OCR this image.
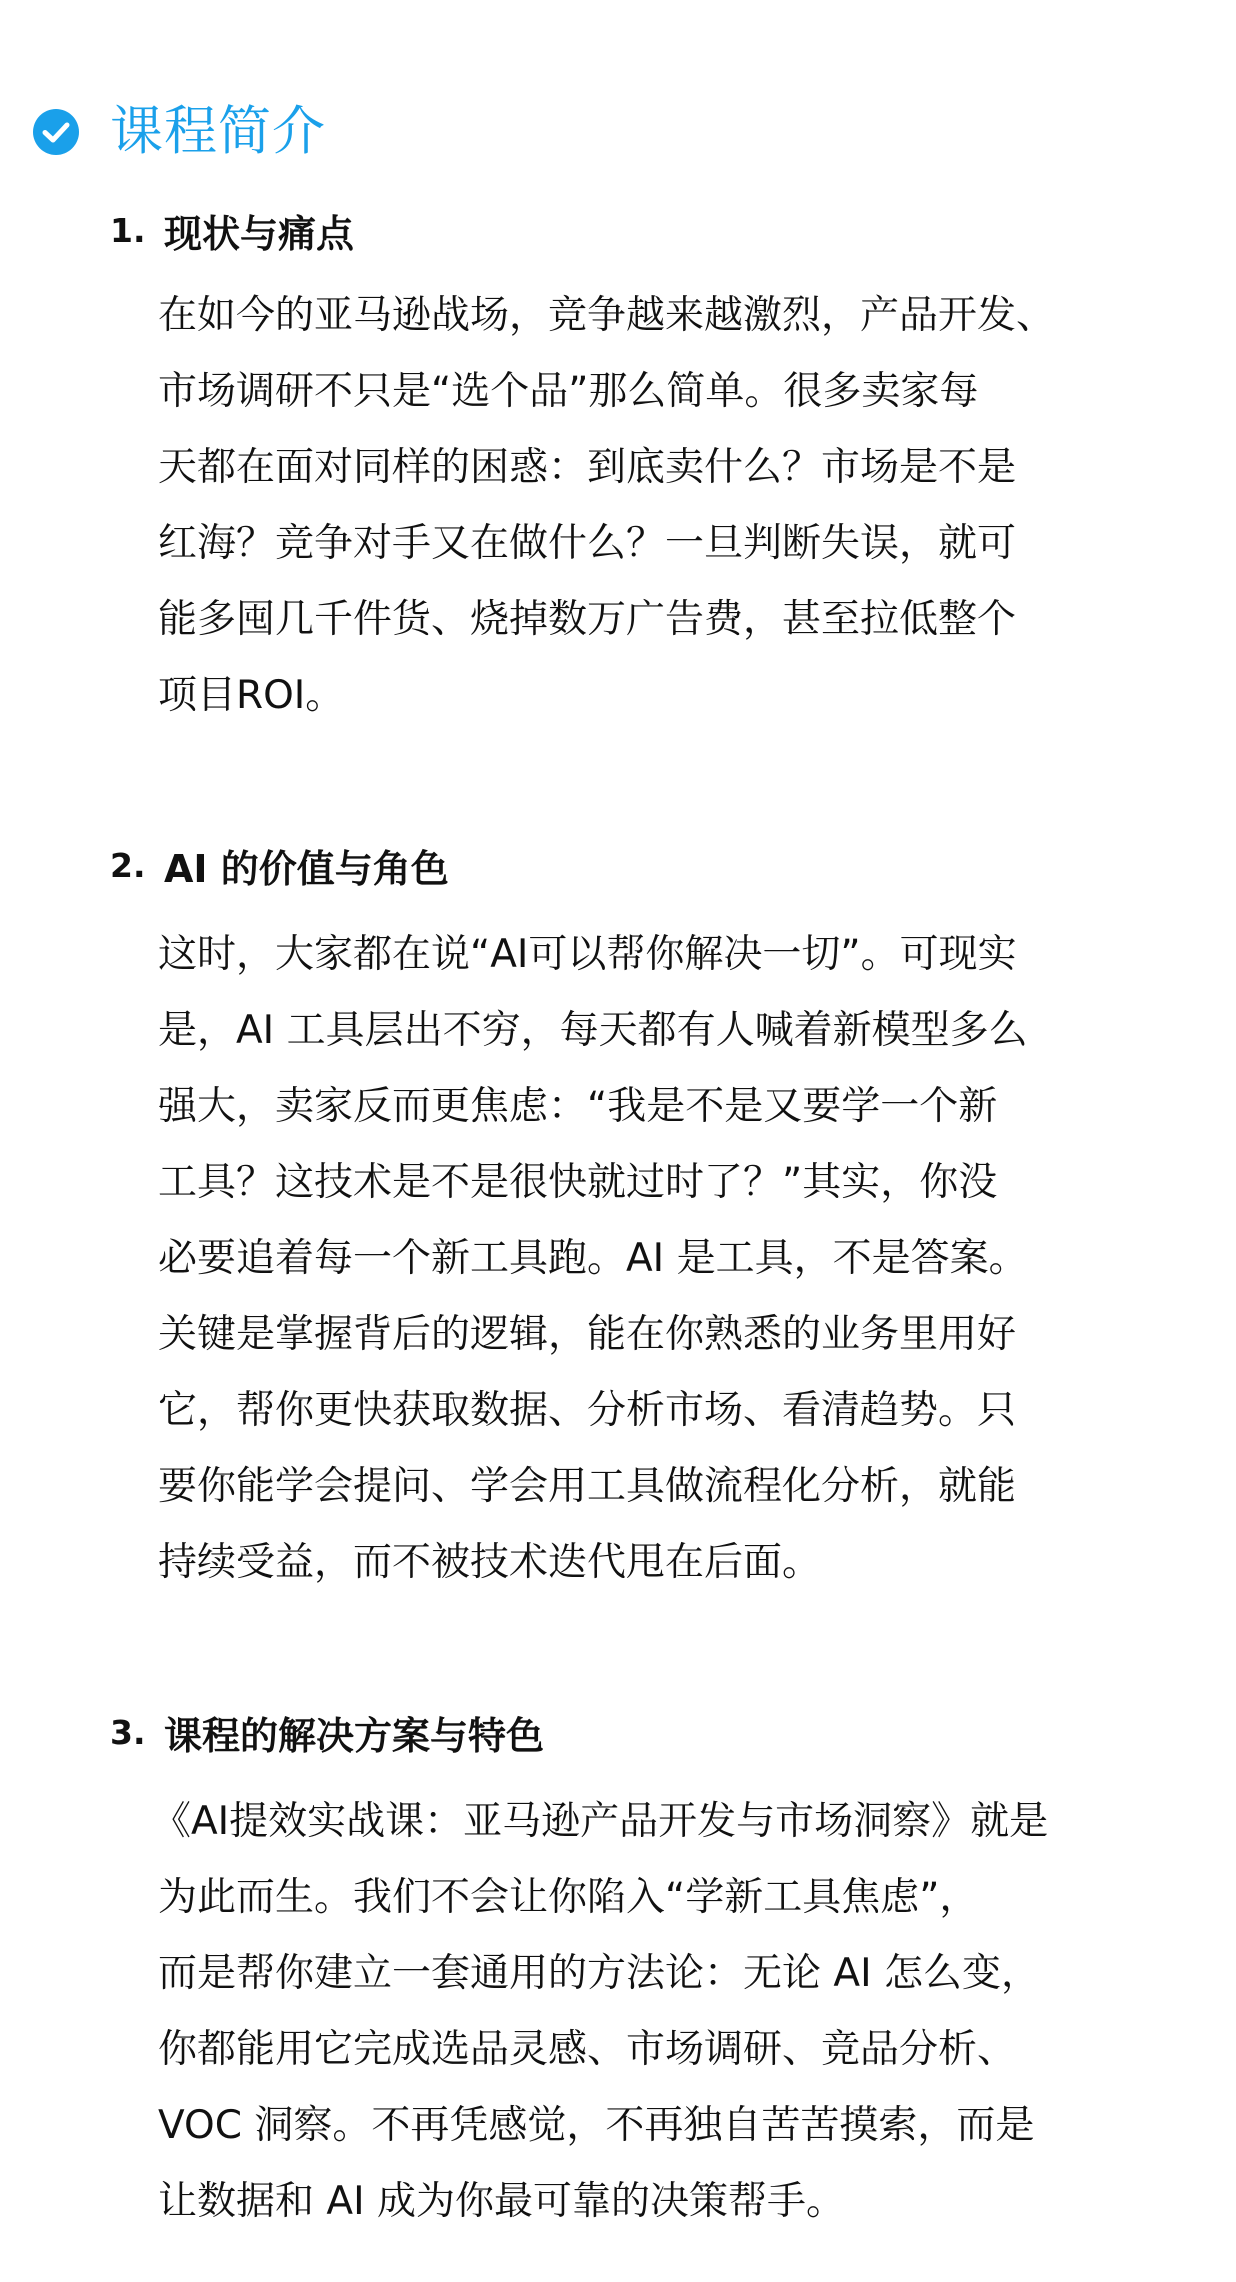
课程简介
1. 现状与痛点
在如今的亚马逊战场，竞争越来越激烈，产品开发、
市场调研不只是“选个品”那么简单。很多卖家每
天都在面对同样的困惑：到底卖什么？市场是不是
红海？竞争对手又在做什么？一旦判断失误，就可
能多囤几千件货、烧掉数万广告费，甚至拉低整个
项目ROI。
2. AI 的价值与角色
这时，大家都在说“AI可以帮你解决一切”。可现实
是，AI 工具层出不穷，每天都有人喊着新模型多么
强大，卖家反而更焦虑：“我是不是又要学一个新
工具？这技术是不是很快就过时了？”其实，你没
必要追着每一个新工具跑。AI 是工具，不是答案。
关键是掌握背后的逻辑，能在你熟悉的业务里用好
它，帮你更快获取数据、分析市场、看清趋势。只
要你能学会提问、学会用工具做流程化分析，就能
持续受益，而不被技术迭代甩在后面。
3. 课程的解决方案与特色
《AI提效实战课：亚马逊产品开发与市场洞察》就是
为此而生。我们不会让你陷入“学新工具焦虑”，
而是帮你建立一套通用的方法论：无论 AI 怎么变，
你都能用它完成选品灵感、市场调研、竞品分析、
VOC 洞察。不再凭感觉，不再独自苦苦摸索，而是
让数据和 AI 成为你最可靠的决策帮手。
